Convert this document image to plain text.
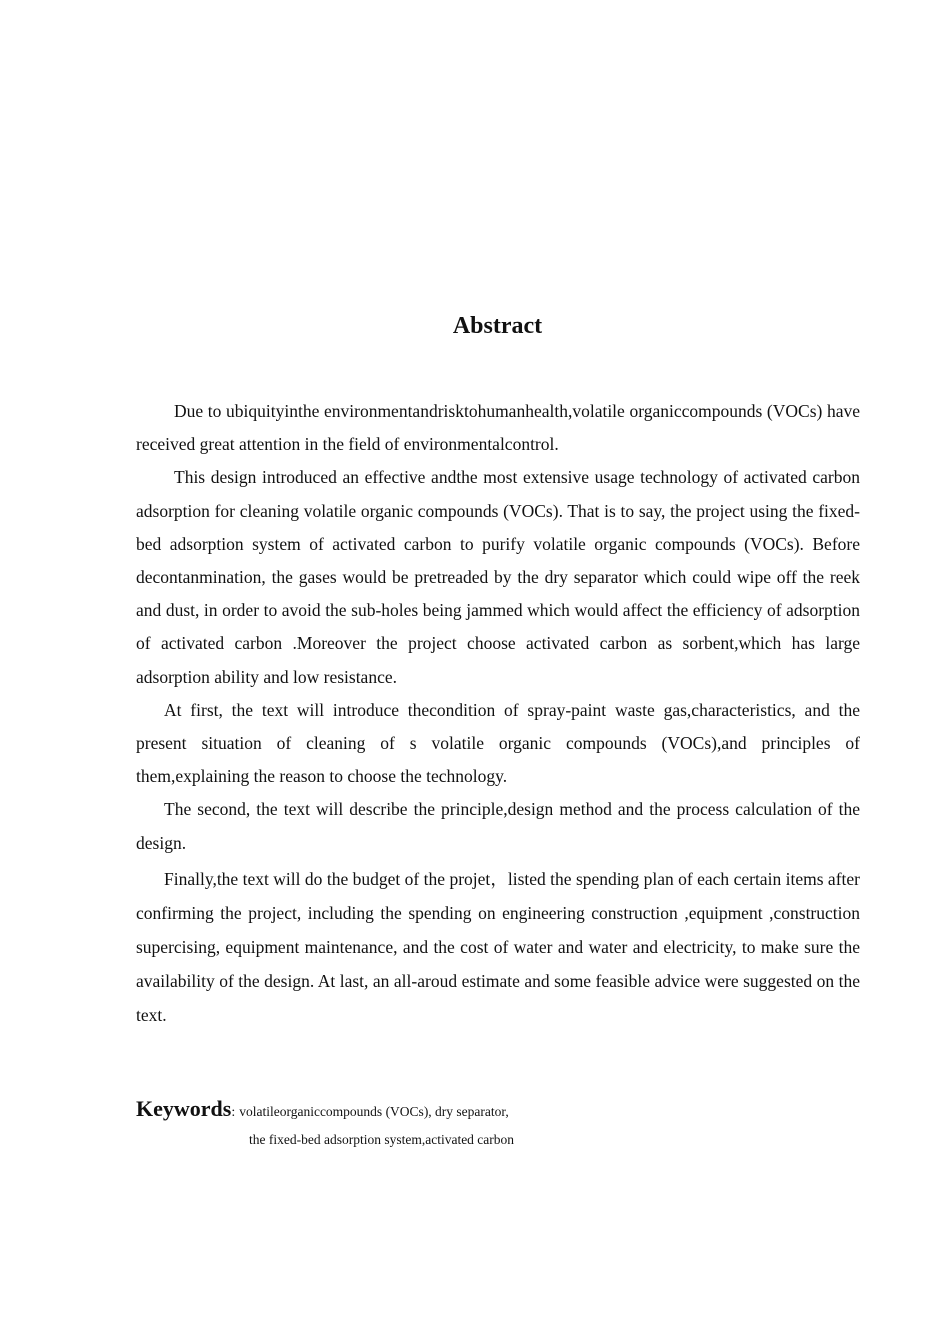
Abstract

Due to ubiquityinthe environmentandrisktohumanhealth,volatile organiccompounds (VOCs) have received great attention in the field of environmentalcontrol.

This design introduced an effective andthe most extensive usage technology of activated carbon adsorption for cleaning volatile organic compounds (VOCs). That is to say, the project using the fixed-bed adsorption system of activated carbon to purify volatile organic compounds (VOCs). Before decontanmination, the gases would be pretreaded by the dry separator which could wipe off the reek and dust, in order to avoid the sub-holes being jammed which would affect the efficiency of adsorption of activated carbon .Moreover the project choose activated carbon as sorbent,which has large adsorption ability and low resistance.

At first, the text will introduce thecondition of spray-paint waste gas,characteristics, and the present situation of cleaning of s volatile organic compounds (VOCs),and principles of them,explaining the reason to choose the technology.

The second, the text will describe the principle,design method and the process calculation of the design.

Finally,the text will do the budget of the projet，listed the spending plan of each certain items after confirming the project, including the spending on engineering construction ,equipment ,construction supercising, equipment maintenance, and the cost of water and water and electricity, to make sure the availability of the design. At last, an all-aroud estimate and some feasible advice were suggested on the text.

Keywords : volatileorganiccompounds (VOCs), dry separator,
the fixed-bed adsorption system,activated carbon
